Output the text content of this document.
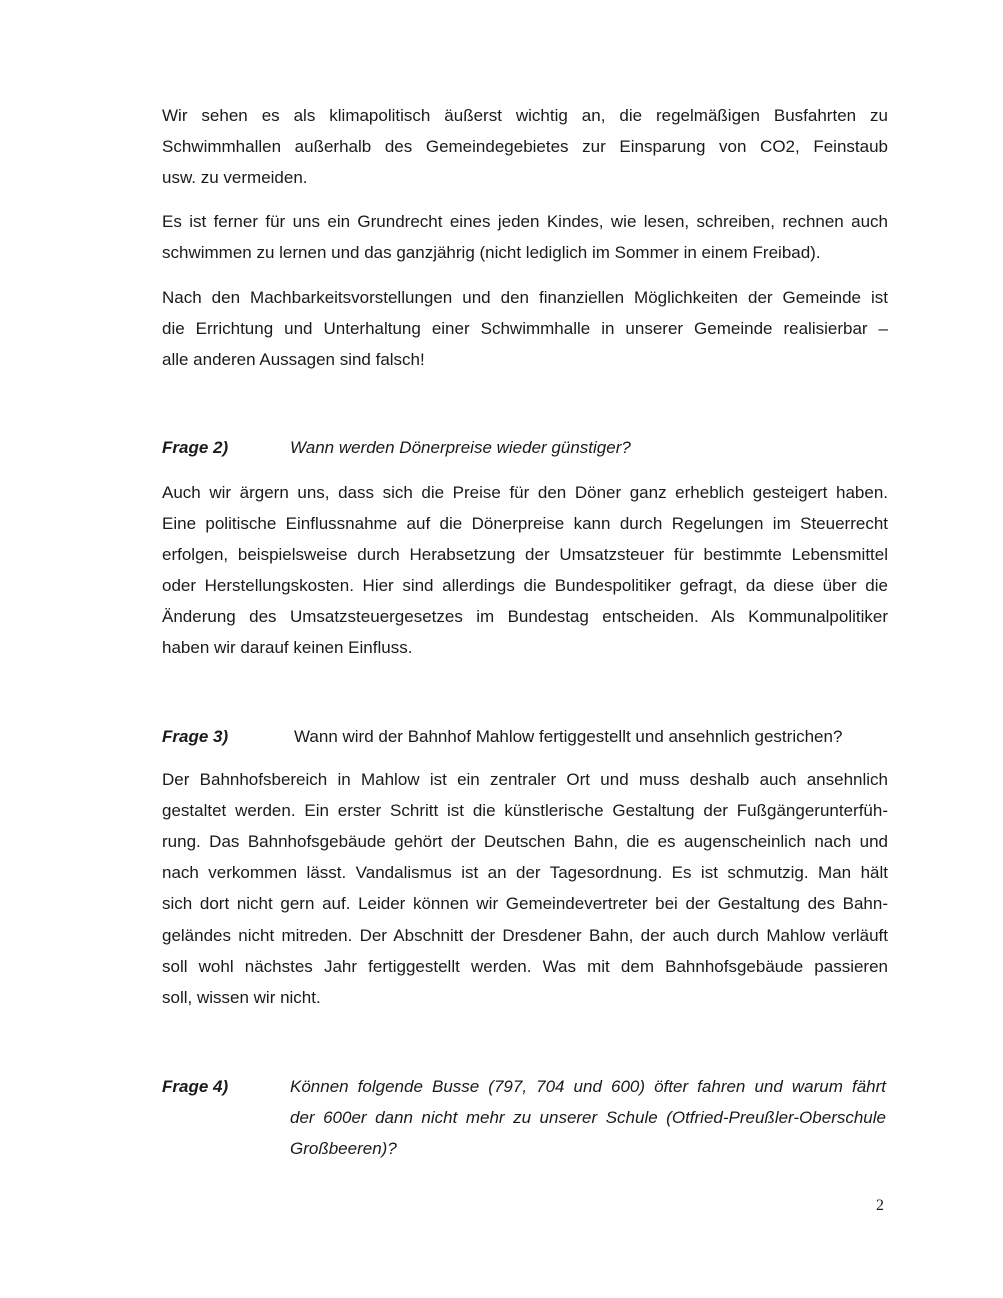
Wir sehen es als klimapolitisch äußerst wichtig an, die regelmäßigen Busfahrten zu
Schwimmhallen außerhalb des Gemeindegebietes zur Einsparung von CO2, Feinstaub
usw. zu vermeiden.
Es ist ferner für uns ein Grundrecht eines jeden Kindes, wie lesen, schreiben, rechnen auch
schwimmen zu lernen und das ganzjährig (nicht lediglich im Sommer in einem Freibad).
Nach den Machbarkeitsvorstellungen und den finanziellen Möglichkeiten der Gemeinde ist
die Errichtung und Unterhaltung einer Schwimmhalle in unserer Gemeinde realisierbar –
alle anderen Aussagen sind falsch!
Frage 2)	Wann werden Dönerpreise wieder günstiger?
Auch wir ärgern uns, dass sich die Preise für den Döner ganz erheblich gesteigert haben.
Eine politische Einflussnahme auf die Dönerpreise kann durch Regelungen im Steuerrecht
erfolgen, beispielsweise durch Herabsetzung der Umsatzsteuer für bestimmte Lebensmittel
oder Herstellungskosten. Hier sind allerdings die Bundespolitiker gefragt, da diese über die
Änderung des Umsatzsteuergesetzes im Bundestag entscheiden. Als Kommunalpolitiker
haben wir darauf keinen Einfluss.
Frage 3)	Wann wird der Bahnhof Mahlow fertiggestellt und ansehnlich gestrichen?
Der Bahnhofsbereich in Mahlow ist ein zentraler Ort und muss deshalb auch ansehnlich
gestaltet werden. Ein erster Schritt ist die künstlerische Gestaltung der Fußgängerunterfüh-
rung. Das Bahnhofsgebäude gehört der Deutschen Bahn, die es augenscheinlich nach und
nach verkommen lässt. Vandalismus ist an der Tagesordnung. Es ist schmutzig. Man hält
sich dort nicht gern auf. Leider können wir Gemeindevertreter bei der Gestaltung des Bahn-
geländes nicht mitreden. Der Abschnitt der Dresdener Bahn, der auch durch Mahlow verläuft
soll wohl nächstes Jahr fertiggestellt werden. Was mit dem Bahnhofsgebäude passieren
soll, wissen wir nicht.
Frage 4)	Können folgende Busse (797, 704 und 600) öfter fahren und warum fährt
der 600er dann nicht mehr zu unserer Schule (Otfried-Preußler-Oberschule
Großbeeren)?
2
